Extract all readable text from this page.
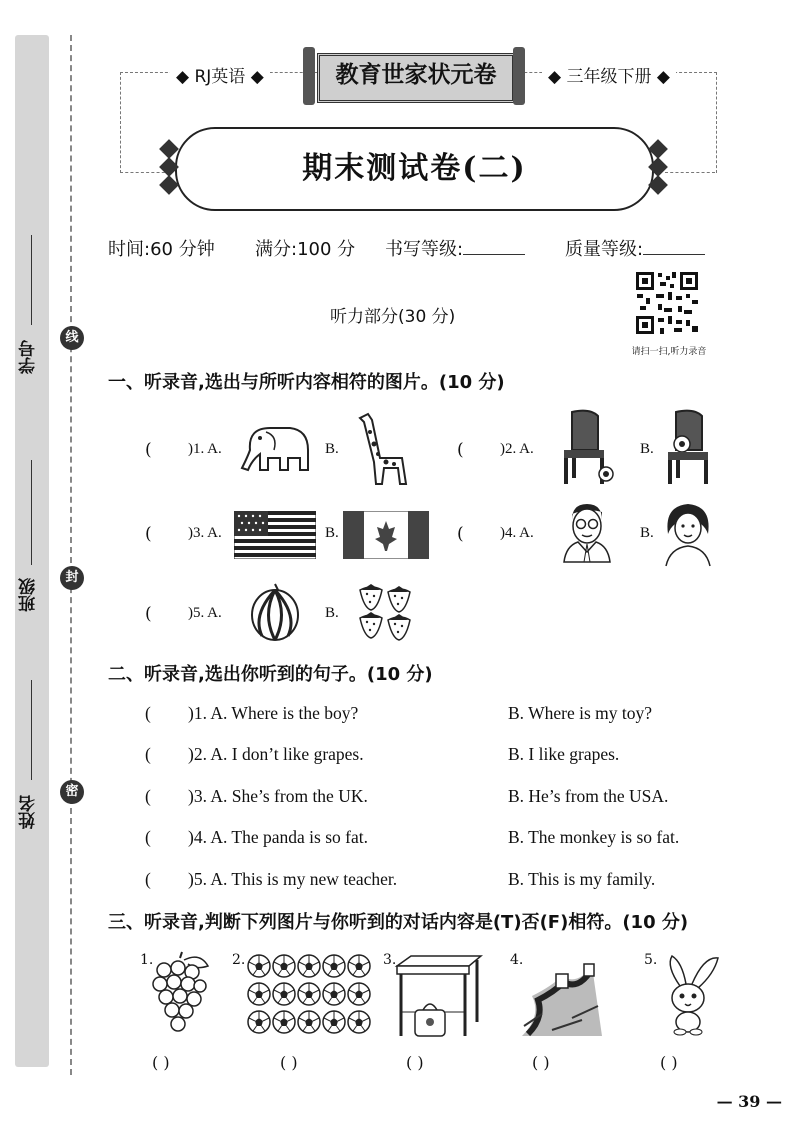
学号
班级
姓名
线
封
密
◆ RJ英语 ◆	◆ 三年级下册 ◆
教育世家状元卷
期末测试卷(二)
时间:60 分钟 满分:100 分 书写等级:	质量等级:
请扫一扫,听力录音
听力部分(30 分)
一、听录音,选出与所听内容相符的图片。(10 分)
( )1. A.	B.	( )2. A.	B.
( )3. A.	B.	( )4. A.	B.
( )5. A.	B.
二、听录音,选出你听到的句子。(10 分)
( )1. A. Where is the boy?	B. Where is my toy?
( )2. A. I don’t like grapes.	B. I like grapes.
( )3. A. She’s from the UK.	B. He’s from the USA.
( )4. A. The panda is so fat.	B. The monkey is so fat.
( )5. A. This is my new teacher.	B. This is my family.
三、听录音,判断下列图片与你听到的对话内容是(T)否(F)相符。(10 分)
1.	2.	3.	4.	5.
( )	( )	( )	( )	( )
— 39 —
